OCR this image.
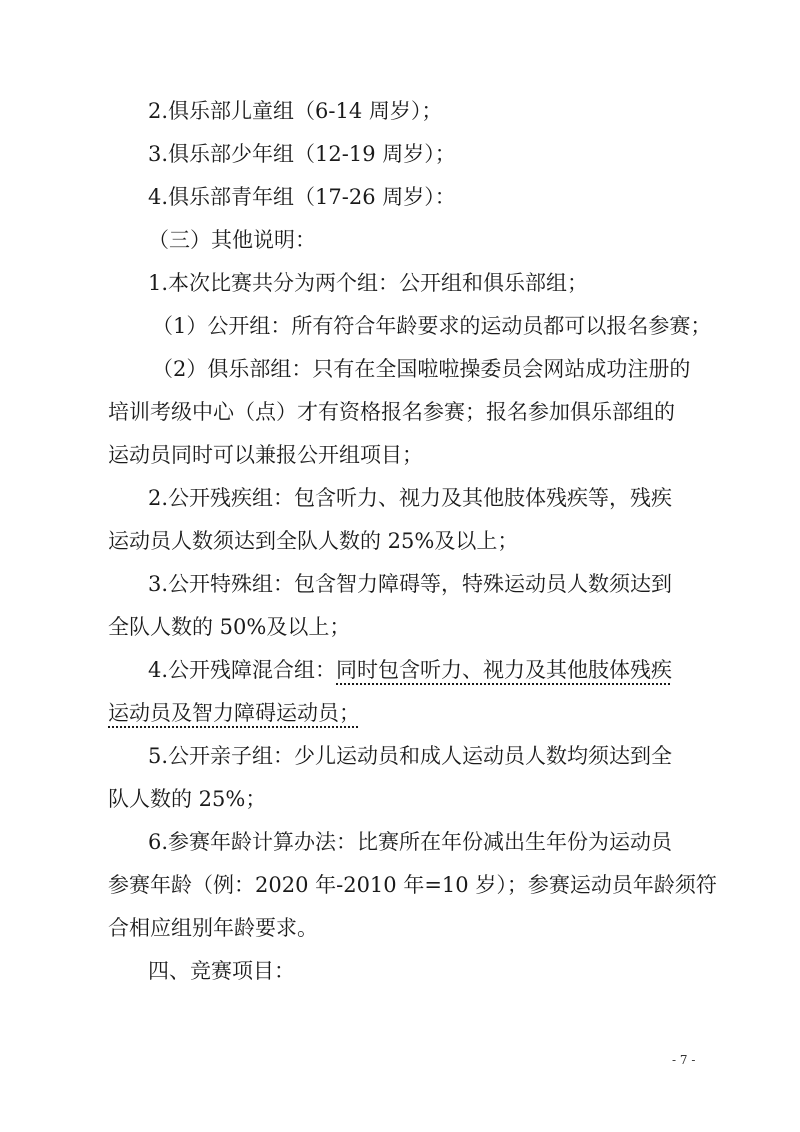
2.俱乐部儿童组（6-14 周岁）；

3.俱乐部少年组（12-19 周岁）；

4.俱乐部青年组（17-26 周岁）：

（三）其他说明：

1.本次比赛共分为两个组：公开组和俱乐部组；

（1）公开组：所有符合年龄要求的运动员都可以报名参赛；

（2）俱乐部组：只有在全国啦啦操委员会网站成功注册的

培训考级中心（点）才有资格报名参赛；报名参加俱乐部组的

运动员同时可以兼报公开组项目；

2.公开残疾组：包含听力、视力及其他肢体残疾等，残疾

运动员人数须达到全队人数的 25%及以上；

3.公开特殊组：包含智力障碍等，特殊运动员人数须达到

全队人数的 50%及以上；

4.公开残障混合组：同时包含听力、视力及其他肢体残疾

运动员及智力障碍运动员；

5.公开亲子组：少儿运动员和成人运动员人数均须达到全

队人数的 25%；

6.参赛年龄计算办法：比赛所在年份减出生年份为运动员

参赛年龄（例：2020 年-2010 年=10 岁）；参赛运动员年龄须符

合相应组别年龄要求。

四、竞赛项目：

- 7 -
